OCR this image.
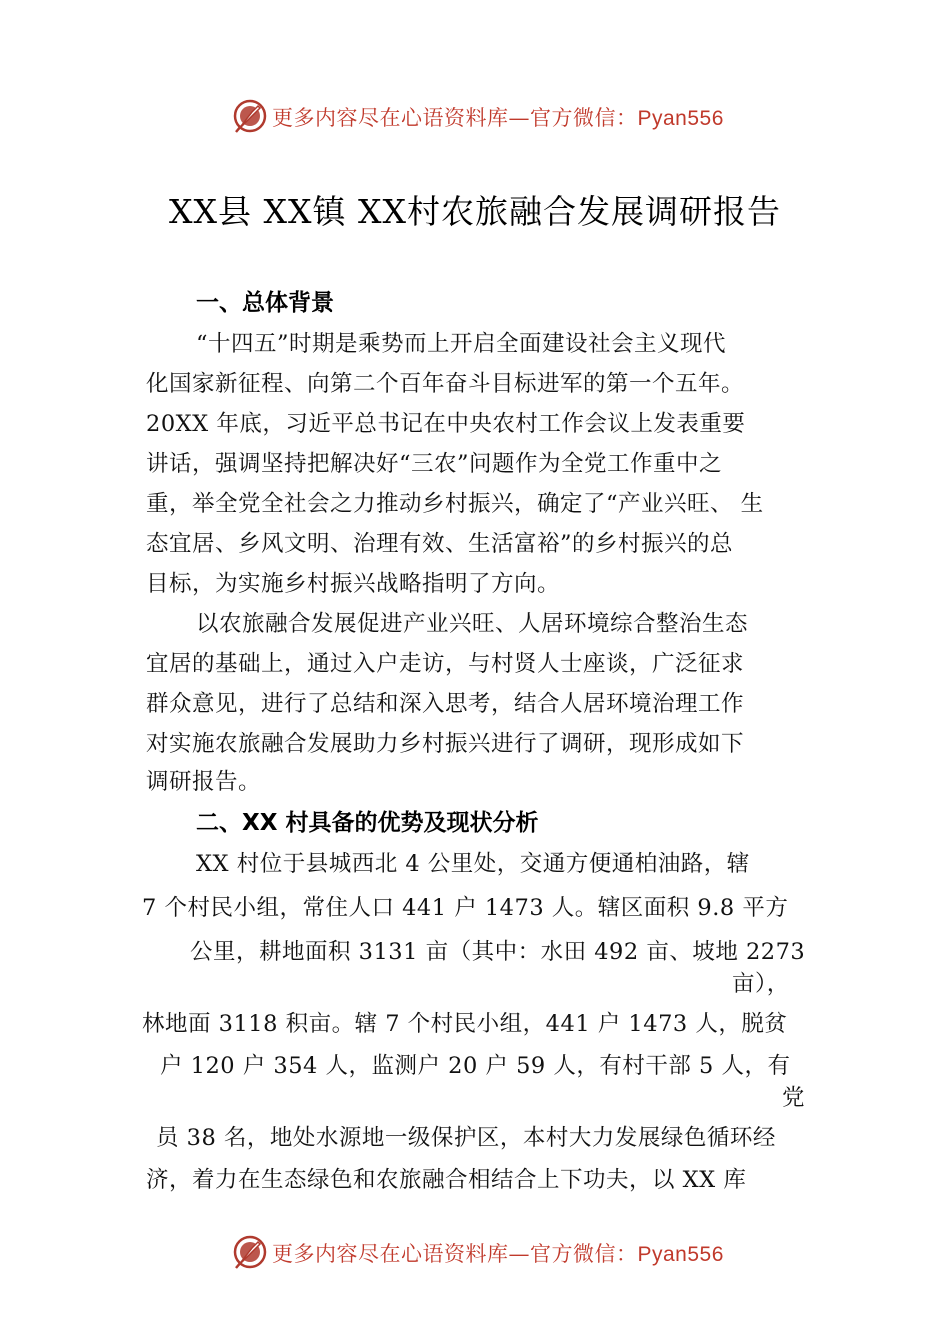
更多内容尽在心语资料库—官方微信：Pyan556
XX县 XX镇 XX村农旅融合发展调研报告
一、总体背景
“十四五”时期是乘势而上开启全面建设社会主义现代
化国家新征程、向第二个百年奋斗目标进军的第一个五年。
20XX 年底，习近平总书记在中央农村工作会议上发表重要
讲话，强调坚持把解决好“三农”问题作为全党工作重中之
重，举全党全社会之力推动乡村振兴，确定了“产业兴旺、 生
态宜居、乡风文明、治理有效、生活富裕”的乡村振兴的总
目标，为实施乡村振兴战略指明了方向。
以农旅融合发展促进产业兴旺、人居环境综合整治生态
宜居的基础上，通过入户走访，与村贤人士座谈，广泛征求
群众意见，进行了总结和深入思考，结合人居环境治理工作
对实施农旅融合发展助力乡村振兴进行了调研，现形成如下
调研报告。
二、XX 村具备的优势及现状分析
XX 村位于县城西北 4 公里处，交通方便通柏油路，辖
7 个村民小组，常住人口 441 户 1473 人。辖区面积 9.8 平方
公里，耕地面积 3131 亩（其中：水田 492 亩、坡地 2273
亩），
林地面 3118 积亩。辖 7 个村民小组，441 户 1473 人，脱贫
户 120 户 354 人，监测户 20 户 59 人，有村干部 5 人，有
党
员 38 名，地处水源地一级保护区，本村大力发展绿色循环经
济，着力在生态绿色和农旅融合相结合上下功夫，以 XX 库
更多内容尽在心语资料库—官方微信：Pyan556
